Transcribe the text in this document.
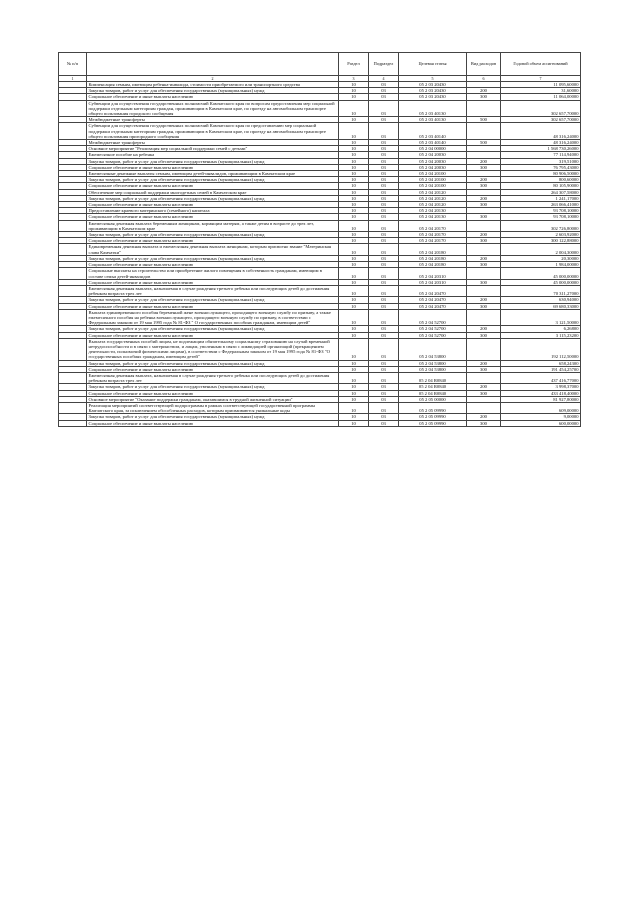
№ п/п		Раздел	Подраздел	Целевая статья	Вид расходов	Годовой объем ассигнований
1	2	3	4	5	6	7
	Компенсация семьям, имеющим ребенка-инвалида, стоимости приобретаемого или транспортного средства	10	03	05 2 03 20430		11 095,60000
	Закупка товаров, работ и услуг для обеспечения государственных (муниципальных) нужд	10	03	05 2 03 20430	200	31,60000
	Социальное обеспечение и иные выплаты населению	10	03	05 2 03 20430	300	11 064,00000
	Субвенции для осуществления государственных полномочий Камчатского края по вопросам предоставления мер социальной поддержки отдельным категориям граждан, проживающим в Камчатском крае, по проезду на автомобильном транспорте общего пользования городского сообщения	10	03	05 2 03 40130		302 657,70000
	Межбюджетные трансферты	10	03	05 2 03 40130	500	302 657,70000
	Субвенции для осуществления государственных полномочий Камчатского края по предоставлению мер социальной поддержки отдельным категориям граждан, проживающим в Камчатском крае, по проезду на автомобильном транспорте общего пользования пригородного сообщения	10	03	05 2 03 40140		48 316,24000
	Межбюджетные трансферты	10	03	05 2 03 40140	500	48 316,24000
	Основное мероприятие "Реализация мер социальной поддержки семей с детьми"	10	03	05 2 04 00000		1 568 730,26000
	Ежемесячное пособие на ребенка	10	03	05 2 04 20030		77 114,94000
	Закупка товаров, работ и услуг для обеспечения государственных (муниципальных) нужд	10	03	05 2 04 20030	200	319,51000
	Социальное обеспечение и иные выплаты населению	10	03	05 2 04 20030	300	76 795,43000
	Ежемесячные денежные выплаты семьям, имеющим детей-инвалидов, проживающим в Камчатском крае	10	03	05 2 04 20100		80 906,50000
	Закупка товаров, работ и услуг для обеспечения государственных (муниципальных) нужд	10	03	05 2 04 20100	200	800,60000
	Социальное обеспечение и иные выплаты населению	10	03	05 2 04 20100	300	80 105,90000
	Обеспечение мер социальной поддержки многодетных семей в Камчатском крае	10	03	05 2 04 20120		264 307,58000
	Закупка товаров, работ и услуг для обеспечения государственных (муниципальных) нужд	10	03	05 2 04 20120	200	1 241,17000
	Социальное обеспечение и иные выплаты населению	10	03	05 2 04 20120	300	263 066,41000
	Предоставление краевого материнского (семейного) капитала	10	03	05 2 04 20130		93 708,10000
	Социальное обеспечение и иные выплаты населению	10	03	05 2 04 20130	300	93 708,10000
	Ежемесячная денежная выплата беременным женщинам, кормящим матерям, а также детям в возрасте до трех лет, проживающим в Камчатском крае	10	03	05 2 04 20170		302 726,80000
	Закупка товаров, работ и услуг для обеспечения государственных (муниципальных) нужд	10	03	05 2 04 20170	200	2 603,92000
	Социальное обеспечение и иные выплаты населению	10	03	05 2 04 20170	300	300 122,88000
	Единовременная денежная выплата и ежемесячная денежная выплата женщинам, которым присвоено звание "Материнская слава Камчатки"	10	03	05 2 04 20180		2 004,30000
	Закупка товаров, работ и услуг для обеспечения государственных (муниципальных) нужд	10	03	05 2 04 20180	200	20,30000
	Социальное обеспечение и иные выплаты населению	10	03	05 2 04 20180	300	1 984,00000
	Социальные выплаты на строительство или приобретение жилого помещения в собственность гражданам, имеющим в составе семьи детей-инвалидов	10	03	05 2 04 20310		45 000,00000
	Социальное обеспечение и иные выплаты населению	10	03	05 2 04 20310	300	45 000,00000
	Ежемесячная денежная выплата, назначаемая в случае рождения третьего ребенка или последующих детей до достижения ребенком возраста трех лет	10	03	05 2 04 20470		70 311,27000
	Закупка товаров, работ и услуг для обеспечения государственных (муниципальных) нужд	10	03	05 2 04 20470	200	630,94000
	Социальное обеспечение и иные выплаты населению	10	03	05 2 04 20470	300	69 680,33000
	Выплата единовременного пособия беременной жене военнослужащего, проходящего военную службу по призыву, а также ежемесячного пособия на ребенка военнослужащего, проходящего военную службу по призыву, в соответствии с Федеральным законом от 19 мая 1995 года № 81-ФЗ " О государственных пособиях гражданам, имеющим детей"	10	03	05 2 04 52700		3 121,50000
	Закупка товаров, работ и услуг для обеспечения государственных (муниципальных) нужд	10	03	05 2 04 52700	200	6,26800
	Социальное обеспечение и иные выплаты населению	10	03	05 2 04 52700	300	3 115,23200
	Выплата государственных пособий лицам, не подлежащим обязательному социальному страхованию на случай временной нетрудоспособности и в связи с материнством, и лицам, уволенным в связи с ликвидацией организаций (прекращением деятельности, полномочий физическими лицами), в соответствии с Федеральным законом от 19 мая 1995 года № 81-ФЗ "О государственных пособиях гражданам, имеющим детей"	10	03	05 2 04 53800		192 112,50000
	Закупка товаров, работ и услуг для обеспечения государственных (муниципальных) нужд	10	03	05 2 04 53800	200	658,24300
	Социальное обеспечение и иные выплаты населению	10	03	05 2 04 53800	300	191 454,25700
	Ежемесячная денежная выплата, назначаемая в случае рождения третьего ребенка или последующих детей до достижения ребенком возраста трех лет	10	03	05 2 04 R0840		437 416,77000
	Закупка товаров, работ и услуг для обеспечения государственных (муниципальных) нужд	10	03	05 2 04 R0840	200	3 998,37000
	Социальное обеспечение и иные выплаты населению	10	03	05 2 04 R0840	300	433 418,40000
	Основное мероприятие "Оказание поддержки гражданам, оказавшимся в трудной жизненной ситуации"	10	03	05 2 05 00000		81 927,80000
	Реализация мероприятий соответствующей подпрограммы в рамках соответствующей государственной программы Камчатского края, за исключением обособленных расходов, которым присваиваются уникальные коды	10	03	05 2 05 09990		609,00000
	Закупка товаров, работ и услуг для обеспечения государственных (муниципальных) нужд	10	03	05 2 05 09990	200	9,00000
	Социальное обеспечение и иные выплаты населению	10	03	05 2 05 09990	300	600,00000
